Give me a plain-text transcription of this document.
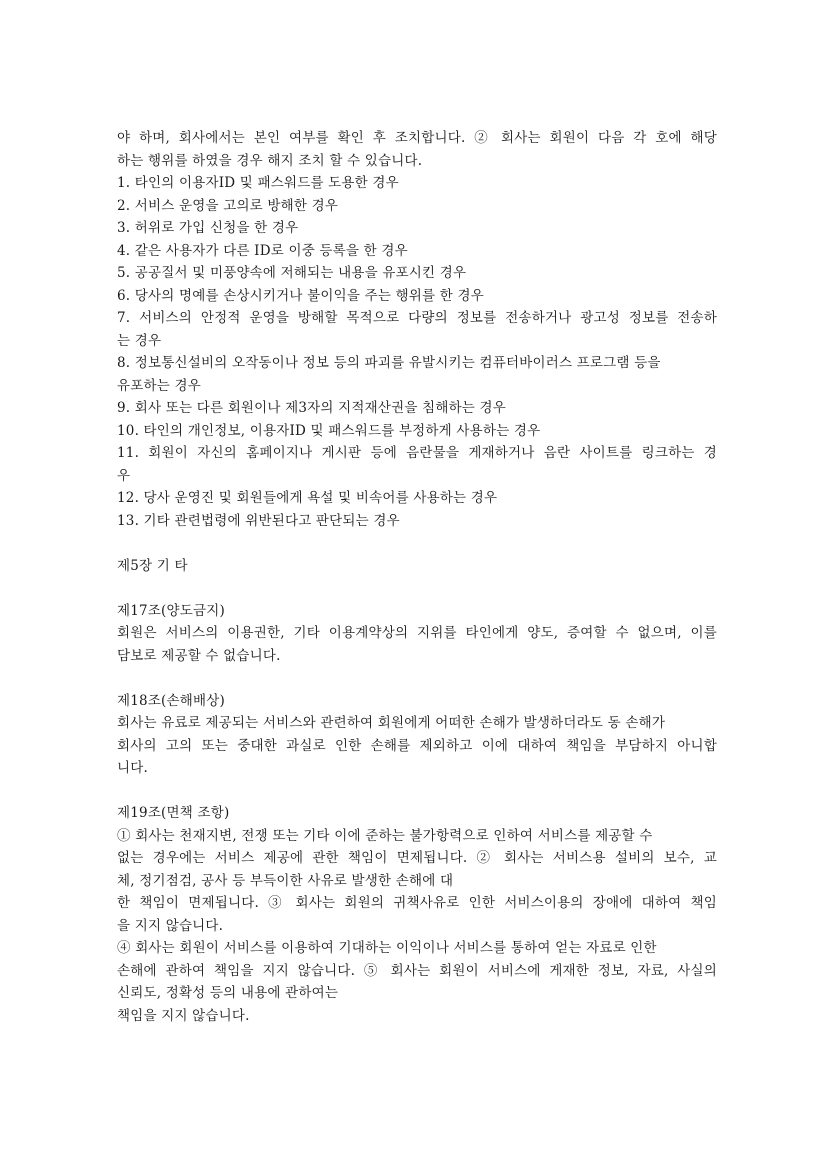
야 하며, 회사에서는 본인 여부를 확인 후 조치합니다. ② 회사는 회원이 다음 각 호에 해당
하는 행위를 하였을 경우 해지 조치 할 수 있습니다.
1. 타인의 이용자ID 및 패스워드를 도용한 경우
2. 서비스 운영을 고의로 방해한 경우
3. 허위로 가입 신청을 한 경우
4. 같은 사용자가 다른 ID로 이중 등록을 한 경우
5. 공공질서 및 미풍양속에 저해되는 내용을 유포시킨 경우
6. 당사의 명예를 손상시키거나 불이익을 주는 행위를 한 경우
7. 서비스의 안정적 운영을 방해할 목적으로 다량의 정보를 전송하거나 광고성 정보를 전송하
는 경우
8. 정보통신설비의 오작동이나 정보 등의 파괴를 유발시키는 컴퓨터바이러스 프로그램 등을
유포하는 경우
9. 회사 또는 다른 회원이나 제3자의 지적재산권을 침해하는 경우
10. 타인의 개인정보, 이용자ID 및 패스워드를 부정하게 사용하는 경우
11. 회원이 자신의 홈페이지나 게시판 등에 음란물을 게재하거나 음란 사이트를 링크하는 경
우
12. 당사 운영진 및 회원들에게 욕설 및 비속어를 사용하는 경우
13. 기타 관련법령에 위반된다고 판단되는 경우
제5장 기 타
제17조(양도금지)
회원은 서비스의 이용권한, 기타 이용계약상의 지위를 타인에게 양도, 증여할 수 없으며, 이를
담보로 제공할 수 없습니다.
제18조(손해배상)
회사는 유료로 제공되는 서비스와 관련하여 회원에게 어떠한 손해가 발생하더라도 동 손해가
회사의 고의 또는 중대한 과실로 인한 손해를 제외하고 이에 대하여 책임을 부담하지 아니합
니다.
제19조(면책 조항)
① 회사는 천재지변, 전쟁 또는 기타 이에 준하는 불가항력으로 인하여 서비스를 제공할 수
없는 경우에는 서비스 제공에 관한 책임이 면제됩니다. ② 회사는 서비스용 설비의 보수, 교
체, 정기점검, 공사 등 부득이한 사유로 발생한 손해에 대
한 책임이 면제됩니다. ③ 회사는 회원의 귀책사유로 인한 서비스이용의 장애에 대하여 책임
을 지지 않습니다.
④ 회사는 회원이 서비스를 이용하여 기대하는 이익이나 서비스를 통하여 얻는 자료로 인한
손해에 관하여 책임을 지지 않습니다. ⑤ 회사는 회원이 서비스에 게재한 정보, 자료, 사실의
신뢰도, 정확성 등의 내용에 관하여는
책임을 지지 않습니다.
